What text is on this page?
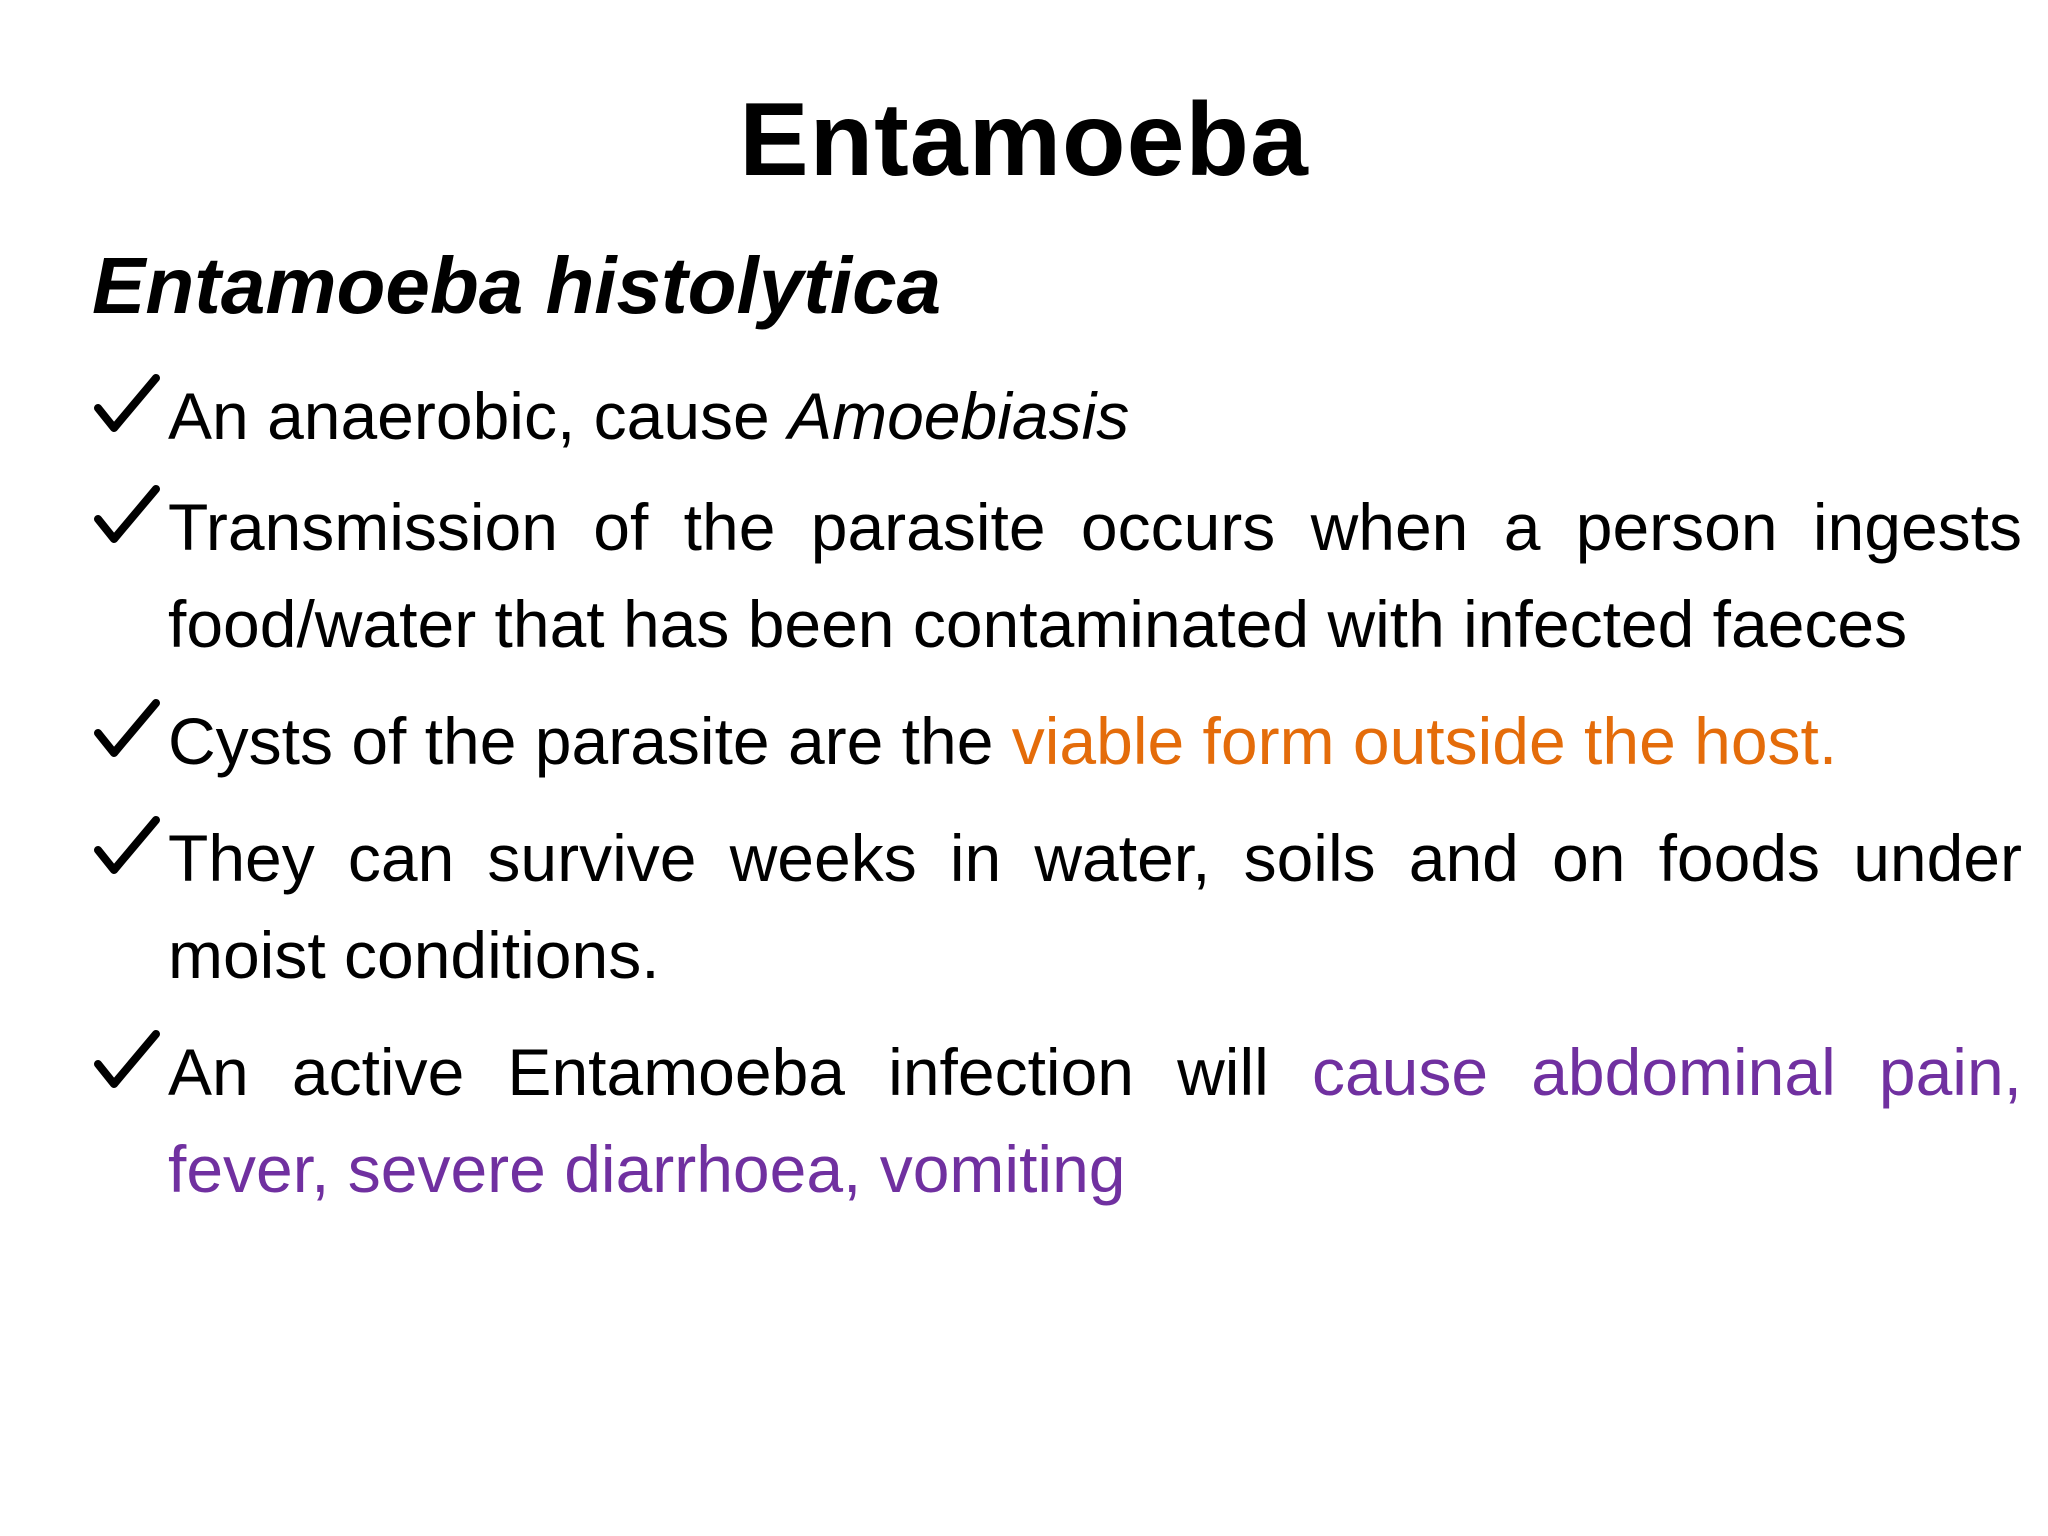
Entamoeba
Entamoeba histolytica
An anaerobic, cause Amoebiasis
Transmission of the parasite occurs when a person ingests food/water that has been contaminated with infected faeces
Cysts of the parasite are the viable form outside the host.
They can survive weeks in water, soils and on foods under moist conditions.
An active Entamoeba infection will cause abdominal pain, fever, severe diarrhoea, vomiting
